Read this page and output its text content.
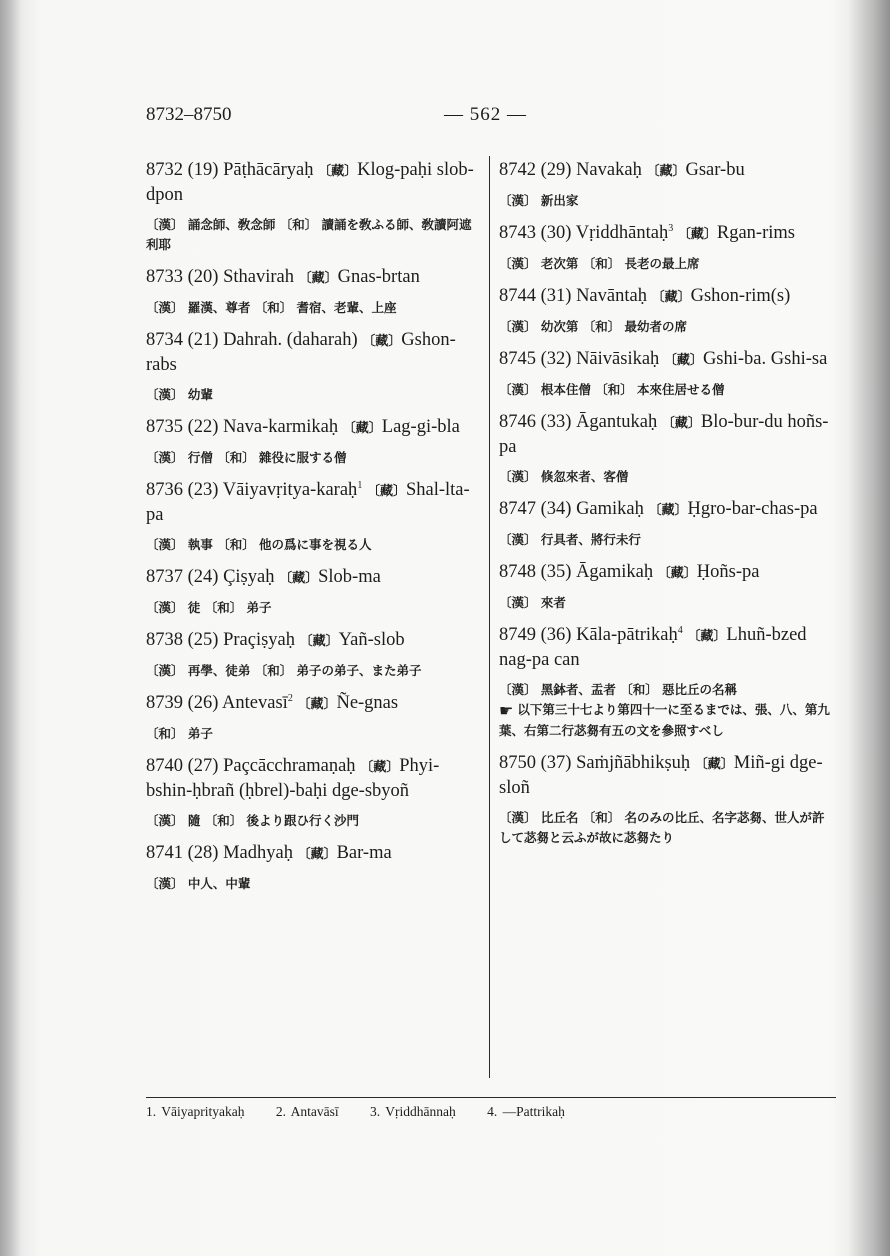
8732–8750	— 562 —
8732 (19) Pāṭhācāryaḥ 〔藏〕Klog-paḥi slob-dpon
〔漢〕 誦念師、敎念師 〔和〕 讀誦を敎ふる師、敎讀阿遮利耶
8733 (20) Sthavirah 〔藏〕Gnas-brtan
〔漢〕 羅漢、尊者 〔和〕 耆宿、老輩、上座
8734 (21) Dahrah. (daharah) 〔藏〕Gshon-rabs
〔漢〕 幼輩
8735 (22) Nava-karmikaḥ 〔藏〕Lag-gi-bla
〔漢〕 行僧 〔和〕 雜役に服する僧
8736 (23) Vāiyavṛitya-karaḥ$^1$ 〔藏〕Shal-lta-pa
〔漢〕 執事 〔和〕 他の爲に事を視る人
8737 (24) Çiṣyaḥ 〔藏〕Slob-ma
〔漢〕 徒 〔和〕 弟子
8738 (25) Praçiṣyaḥ 〔藏〕Yañ-slob
〔漢〕 再學、徒弟 〔和〕 弟子の弟子、また弟子
8739 (26) Antevasī$^2$ 〔藏〕Ñe-gnas
〔和〕 弟子
8740 (27) Paçcācchramaṇaḥ 〔藏〕Phyi-bshin-ḥbrañ (ḥbrel)-baḥi dge-sbyoñ
〔漢〕 隨 〔和〕 後より跟ひ行く沙門
8741 (28) Madhyaḥ 〔藏〕Bar-ma
〔漢〕 中人、中輩
8742 (29) Navakaḥ 〔藏〕Gsar-bu
〔漢〕 新出家
8743 (30) Vṛiddhāntaḥ$^3$ 〔藏〕Rgan-rims
〔漢〕 老次第 〔和〕 長老の最上席
8744 (31) Navāntaḥ 〔藏〕Gshon-rim(s)
〔漢〕 幼次第 〔和〕 最幼者の席
8745 (32) Nāivāsikaḥ 〔藏〕Gshi-ba. Gshi-sa
〔漢〕 根本住僧 〔和〕 本來住居せる僧
8746 (33) Āgantukaḥ 〔藏〕Blo-bur-du hoñs-pa
〔漢〕 倏忽來者、客僧
8747 (34) Gamikaḥ 〔藏〕Ḥgro-bar-chas-pa
〔漢〕 行具者、將行未行
8748 (35) Āgamikaḥ 〔藏〕Ḥoñs-pa
〔漢〕 來者
8749 (36) Kāla-pātrikaḥ$^4$ 〔藏〕Lhuñ-bzed nag-pa can
〔漢〕 黑鉢者、盂者 〔和〕 惡比丘の名稱
☛ 以下第三十七より第四十一に至るまでは、張、八、第九葉、右第二行苾芻有五の文を參照すべし
8750 (37) Saṁjñābhikṣuḥ 〔藏〕Miñ-gi dge-sloñ
〔漢〕 比丘名 〔和〕 名のみの比丘、名字苾芻、世人が許して苾芻と云ふが故に苾芻たり
1. Vāiyaprityakaḥ 2. Antavāsī 3. Vṛiddhānnaḥ 4. —Pattrikaḥ
